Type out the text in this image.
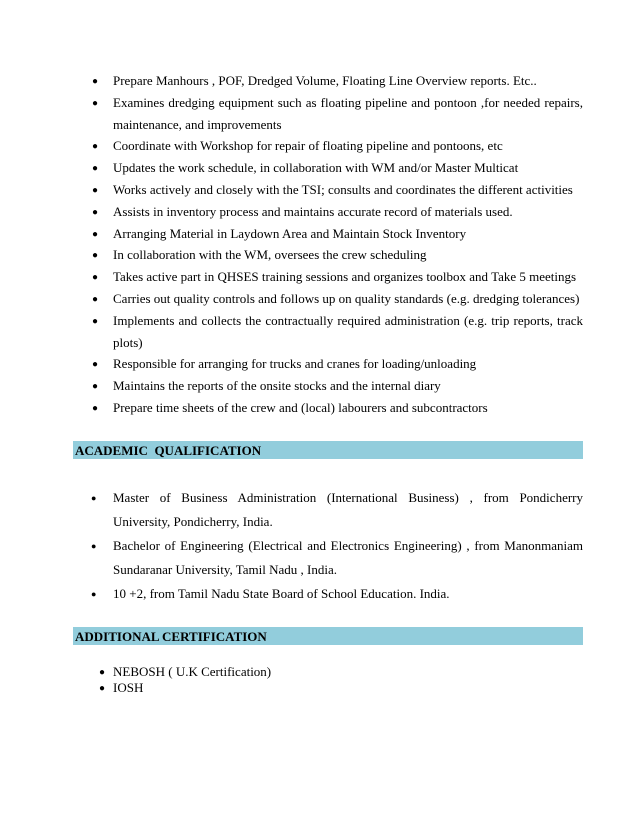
● Prepare Manhours , POF, Dredged Volume, Floating Line Overview reports. Etc..
● Examines dredging equipment such as floating pipeline and pontoon ,for needed repairs, maintenance, and improvements
● Coordinate with Workshop for repair of floating pipeline and pontoons, etc
● Updates the work schedule, in collaboration with WM and/or Master Multicat
● Works actively and closely with the TSI; consults and coordinates the different activities
● Assists in inventory process and maintains accurate record of materials used.
● Arranging Material in Laydown Area and Maintain Stock Inventory
● In collaboration with the WM, oversees the crew scheduling
● Takes active part in QHSES training sessions and organizes toolbox and Take 5 meetings
● Carries out quality controls and follows up on quality standards (e.g. dredging tolerances)
● Implements and collects the contractually required administration (e.g. trip reports, track plots)
● Responsible for arranging for trucks and cranes for loading/unloading
● Maintains the reports of the onsite stocks and the internal diary
● Prepare time sheets of the crew and (local) labourers and subcontractors
ACADEMIC  QUALIFICATION
● Master of Business Administration (International Business) , from Pondicherry University, Pondicherry, India.
● Bachelor of Engineering (Electrical and Electronics Engineering) , from Manonmaniam Sundaranar University, Tamil Nadu , India.
● 10 +2, from Tamil Nadu State Board of School Education. India.
ADDITIONAL CERTIFICATION
● NEBOSH ( U.K Certification)
● IOSH
